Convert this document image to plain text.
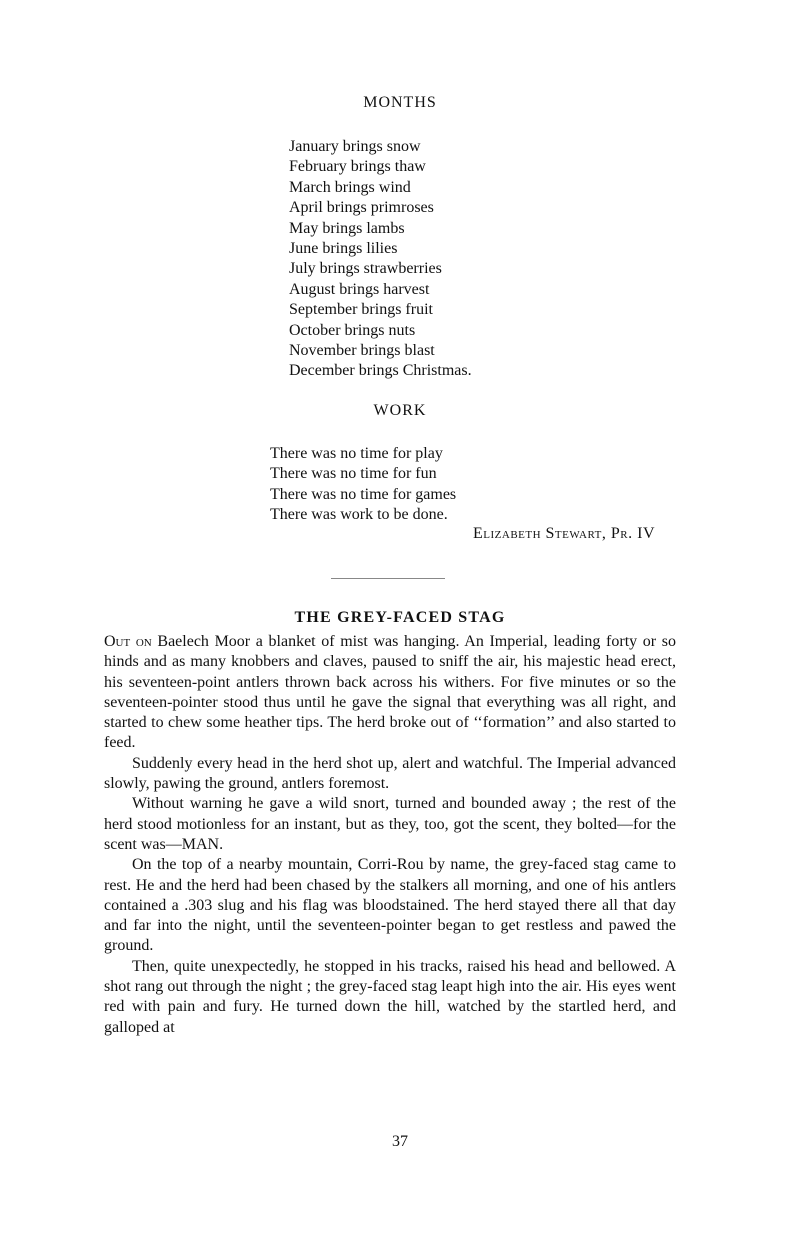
MONTHS
January brings snow
February brings thaw
March brings wind
April brings primroses
May brings lambs
June brings lilies
July brings strawberries
August brings harvest
September brings fruit
October brings nuts
November brings blast
December brings Christmas.
WORK
There was no time for play
There was no time for fun
There was no time for games
There was work to be done.

Elizabeth Stewart, Pr. IV

THE GREY-FACED STAG

Out on Baelech Moor a blanket of mist was hanging. An Imperial, leading forty or so hinds and as many knobbers and claves, paused to sniff the air, his majestic head erect, his seventeen-point antlers thrown back across his withers. For five minutes or so the seventeen-pointer stood thus until he gave the signal that everything was all right, and started to chew some heather tips. The herd broke out of ‘‘formation’’ and also started to feed.

Suddenly every head in the herd shot up, alert and watchful. The Imperial advanced slowly, pawing the ground, antlers foremost.

Without warning he gave a wild snort, turned and bounded away ; the rest of the herd stood motionless for an instant, but as they, too, got the scent, they bolted—for the scent was—MAN.

On the top of a nearby mountain, Corri-Rou by name, the grey-faced stag came to rest. He and the herd had been chased by the stalkers all morning, and one of his antlers contained a .303 slug and his flag was bloodstained. The herd stayed there all that day and far into the night, until the seventeen-pointer began to get restless and pawed the ground.

Then, quite unexpectedly, he stopped in his tracks, raised his head and bellowed. A shot rang out through the night ; the grey-faced stag leapt high into the air. His eyes went red with pain and fury. He turned down the hill, watched by the startled herd, and galloped at

37
